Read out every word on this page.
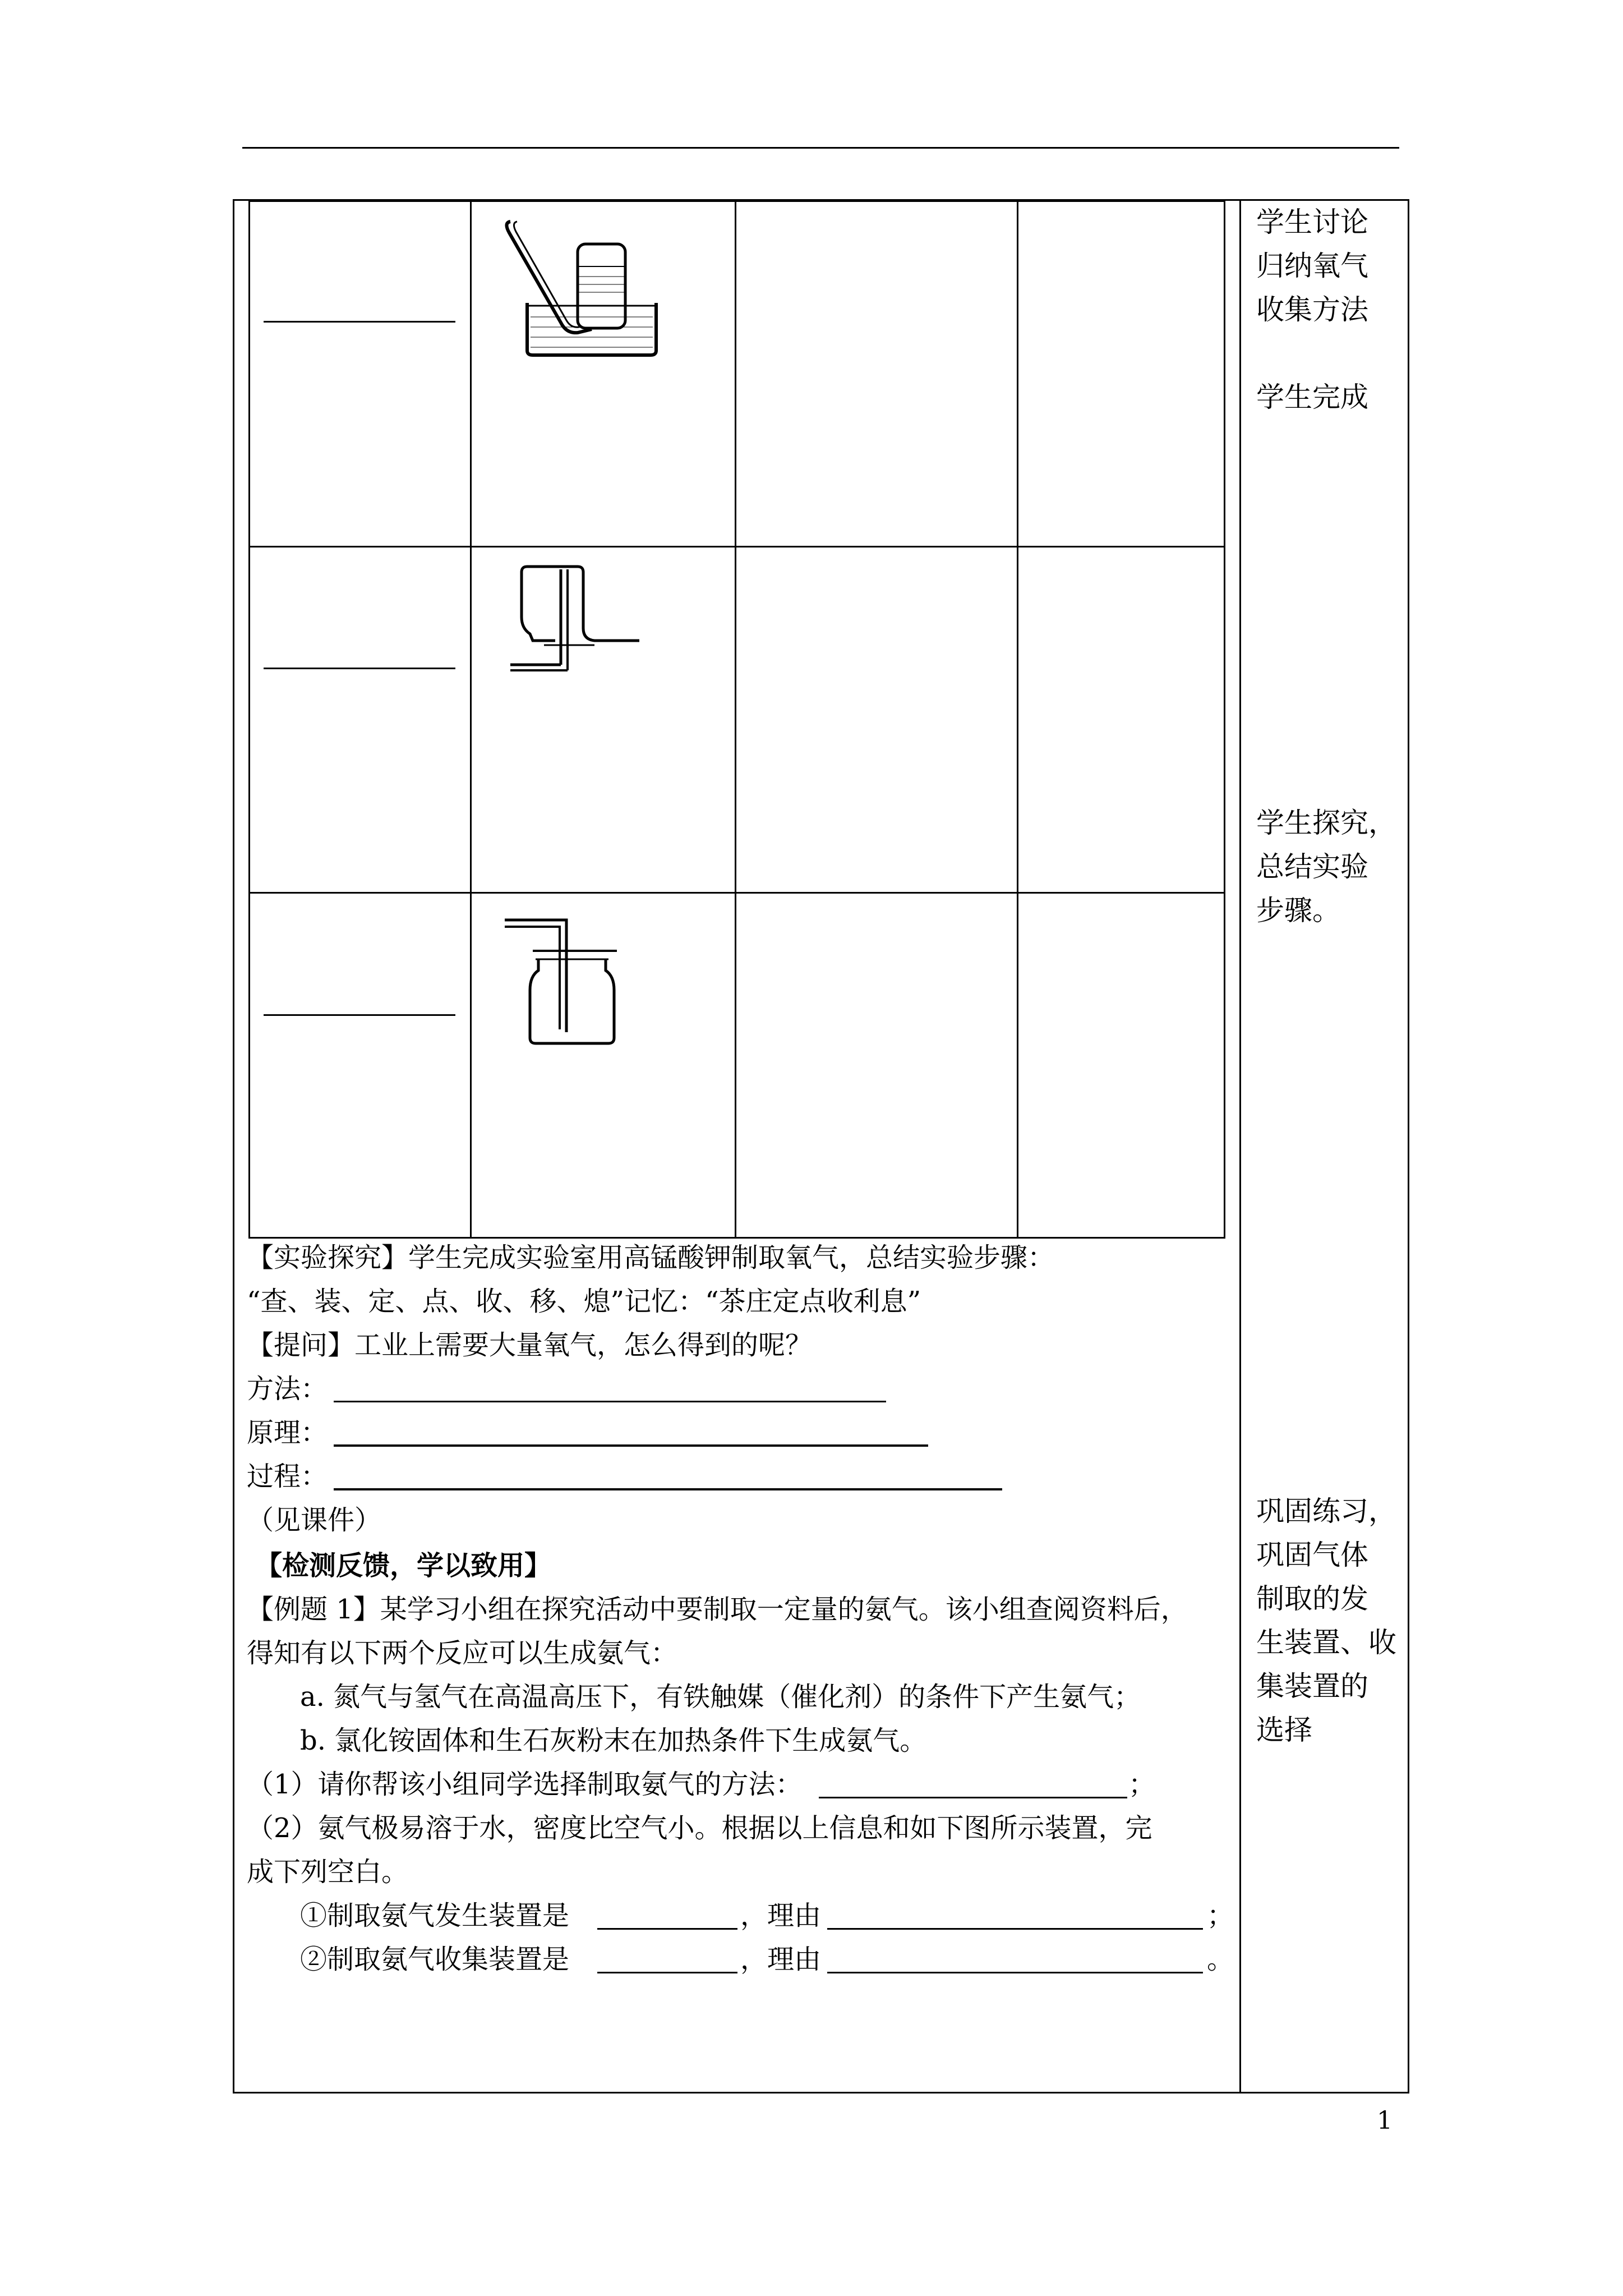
学生讨论
归纳氧气
收集方法
学生完成
学生探究，
总结实验
步骤。
巩固练习，
巩固气体
制取的发
生装置、收
集装置的
选择
【实验探究】学生完成实验室用高锰酸钾制取氧气，总结实验步骤：
“查、装、定、点、收、移、熄”记忆：“茶庄定点收利息”
【提问】工业上需要大量氧气，怎么得到的呢？
方法：
原理：
过程：
（见课件）
【检测反馈，学以致用】
【例题 1】某学习小组在探究活动中要制取一定量的氨气。该小组查阅资料后，
得知有以下两个反应可以生成氨气：
a. 氮气与氢气在高温高压下，有铁触媒（催化剂）的条件下产生氨气；
b. 氯化铵固体和生石灰粉末在加热条件下生成氨气。
（1）请你帮该小组同学选择制取氨气的方法：	；
（2）氨气极易溶于水，密度比空气小。根据以上信息和如下图所示装置，完
成下列空白。
①制取氨气发生装置是	，理由	；
②制取氨气收集装置是	，理由	。
1
